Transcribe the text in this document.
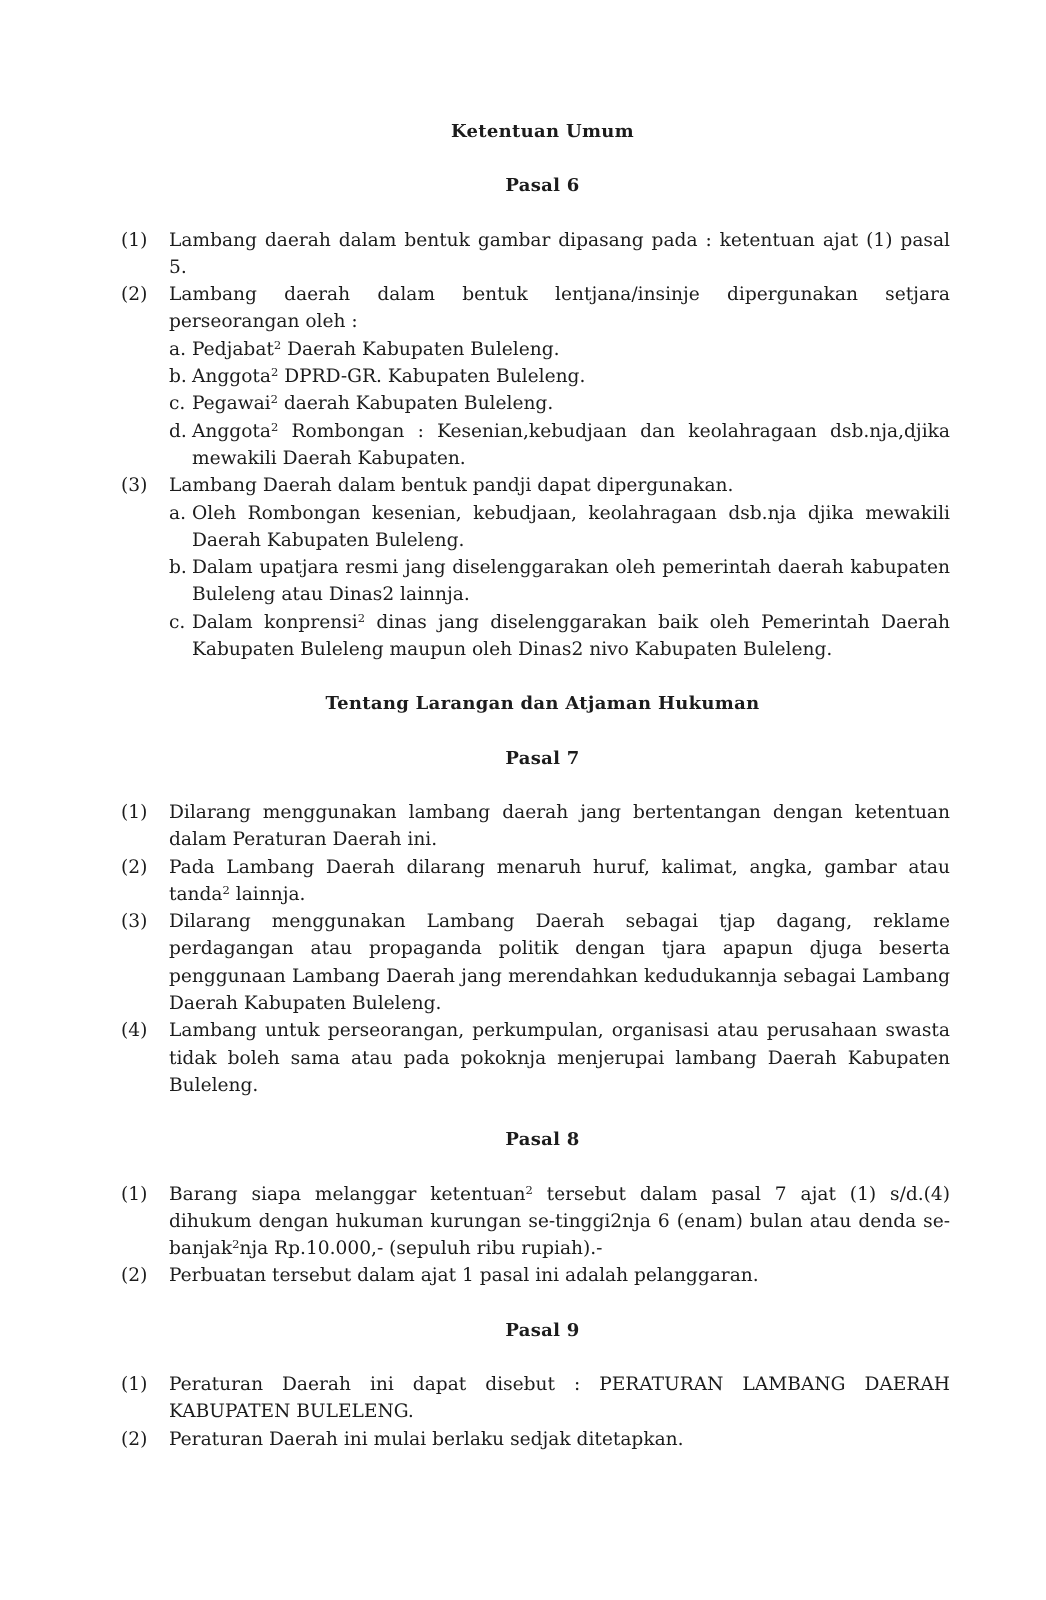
Ketentuan Umum

Pasal 6

(1) Lambang daerah dalam bentuk gambar dipasang pada : ketentuan ajat (1) pasal 5.
(2) Lambang daerah dalam bentuk lentjana/insinje dipergunakan setjara perseorangan oleh :
a. Pedjabat$^2$ Daerah Kabupaten Buleleng.
b. Anggota$^2$ DPRD-GR. Kabupaten Buleleng.
c. Pegawai$^2$ daerah Kabupaten Buleleng.
d. Anggota$^2$ Rombongan : Kesenian,kebudjaan dan keolahragaan dsb.nja,djika mewakili Daerah Kabupaten.
(3) Lambang Daerah dalam bentuk pandji dapat dipergunakan.
a. Oleh Rombongan kesenian, kebudjaan, keolahragaan dsb.nja djika mewakili Daerah Kabupaten Buleleng.
b. Dalam upatjara resmi jang diselenggarakan oleh pemerintah daerah kabupaten Buleleng atau Dinas2 lainnja.
c. Dalam konprensi$^2$ dinas jang diselenggarakan baik oleh Pemerintah Daerah Kabupaten Buleleng maupun oleh Dinas2 nivo Kabupaten Buleleng.

Tentang Larangan dan Atjaman Hukuman

Pasal 7

(1) Dilarang menggunakan lambang daerah jang bertentangan dengan ketentuan dalam Peraturan Daerah ini.
(2) Pada Lambang Daerah dilarang menaruh huruf, kalimat, angka, gambar atau tanda$^2$ lainnja.
(3) Dilarang menggunakan Lambang Daerah sebagai tjap dagang, reklame perdagangan atau propaganda politik dengan tjara apapun djuga beserta penggunaan Lambang Daerah jang merendahkan kedudukannja sebagai Lambang Daerah Kabupaten Buleleng.
(4) Lambang untuk perseorangan, perkumpulan, organisasi atau perusahaan swasta tidak boleh sama atau pada pokoknja menjerupai lambang Daerah Kabupaten Buleleng.

Pasal 8

(1) Barang siapa melanggar ketentuan$^2$ tersebut dalam pasal 7 ajat (1) s/d.(4) dihukum dengan hukuman kurungan se-tinggi2nja 6 (enam) bulan atau denda se-banjak$^2$nja Rp.10.000,- (sepuluh ribu rupiah).-
(2) Perbuatan tersebut dalam ajat 1 pasal ini adalah pelanggaran.

Pasal 9

(1) Peraturan Daerah ini dapat disebut : PERATURAN LAMBANG DAERAH KABUPATEN BULELENG.
(2) Peraturan Daerah ini mulai berlaku sedjak ditetapkan.
